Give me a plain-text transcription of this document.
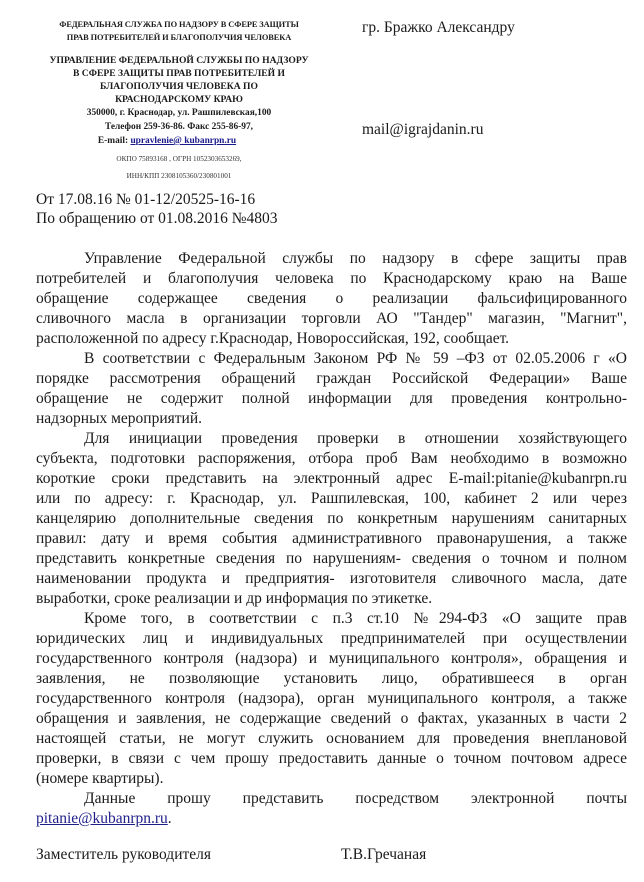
ФЕДЕРАЛЬНАЯ СЛУЖБА ПО НАДЗОРУ В СФЕРЕ ЗАЩИТЫ
ПРАВ ПОТРЕБИТЕЛЕЙ И БЛАГОПОЛУЧИЯ ЧЕЛОВЕКА
УПРАВЛЕНИЕ ФЕДЕРАЛЬНОЙ СЛУЖБЫ ПО НАДЗОРУ
В СФЕРЕ ЗАЩИТЫ ПРАВ ПОТРЕБИТЕЛЕЙ И
БЛАГОПОЛУЧИЯ ЧЕЛОВЕКА ПО
КРАСНОДАРСКОМУ КРАЮ
350000, г. Краснодар, ул. Рашпилевская,100
Телефон 259-36-86. Факс 255-86-97,
E-mail: upravlenie@ kubanrpn.ru
ОКПО 75893168 , ОГРН 1052303653269,
ИНН/КПП 2308105360/230801001
гр. Бражко Александру
mail@igrajdanin.ru
От 17.08.16 № 01-12/20525-16-16
По обращению от 01.08.2016 №4803
Управление Федеральной службы по надзору в сфере защиты прав
потребителей и благополучия человека по Краснодарскому краю на Ваше
обращение содержащее сведения о реализации фальсифицированного
сливочного масла в организации торговли АО "Тандер" магазин, "Магнит",
расположенной по адресу г.Краснодар, Новороссийская, 192, сообщает.
В соответствии с Федеральным Законом РФ № 59 –ФЗ от 02.05.2006 г «О
порядке рассмотрения обращений граждан Российской Федерации» Ваше
обращение не содержит полной информации для проведения контрольно-
надзорных мероприятий.
Для инициации проведения проверки в отношении хозяйствующего
субъекта, подготовки распоряжения, отбора проб Вам необходимо в возможно
короткие сроки представить на электронный адрес E-mail:pitanie@kubanrpn.ru
или по адресу: г. Краснодар, ул. Рашпилевская, 100, кабинет 2 или через
канцелярию дополнительные сведения по конкретным нарушениям санитарных
правил: дату и время события административного правонарушения, а также
представить конкретные сведения по нарушениям- сведения о точном и полном
наименовании продукта и предприятия- изготовителя сливочного масла, дате
выработки, сроке реализации и др информация по этикетке.
Кроме того, в соответствии с п.3 ст.10 №294-ФЗ «О защите прав
юридических лиц и индивидуальных предпринимателей при осуществлении
государственного контроля (надзора) и муниципального контроля», обращения и
заявления, не позволяющие установить лицо, обратившееся в орган
государственного контроля (надзора), орган муниципального контроля, а также
обращения и заявления, не содержащие сведений о фактах, указанных в части 2
настоящей статьи, не могут служить основанием для проведения внеплановой
проверки, в связи с чем прошу предоставить данные о точном почтовом адресе
(номере квартиры).
Данные прошу представить посредством электронной почты
pitanie@kubanrpn.ru.
Заместитель руководителя	Т.В.Гречаная
